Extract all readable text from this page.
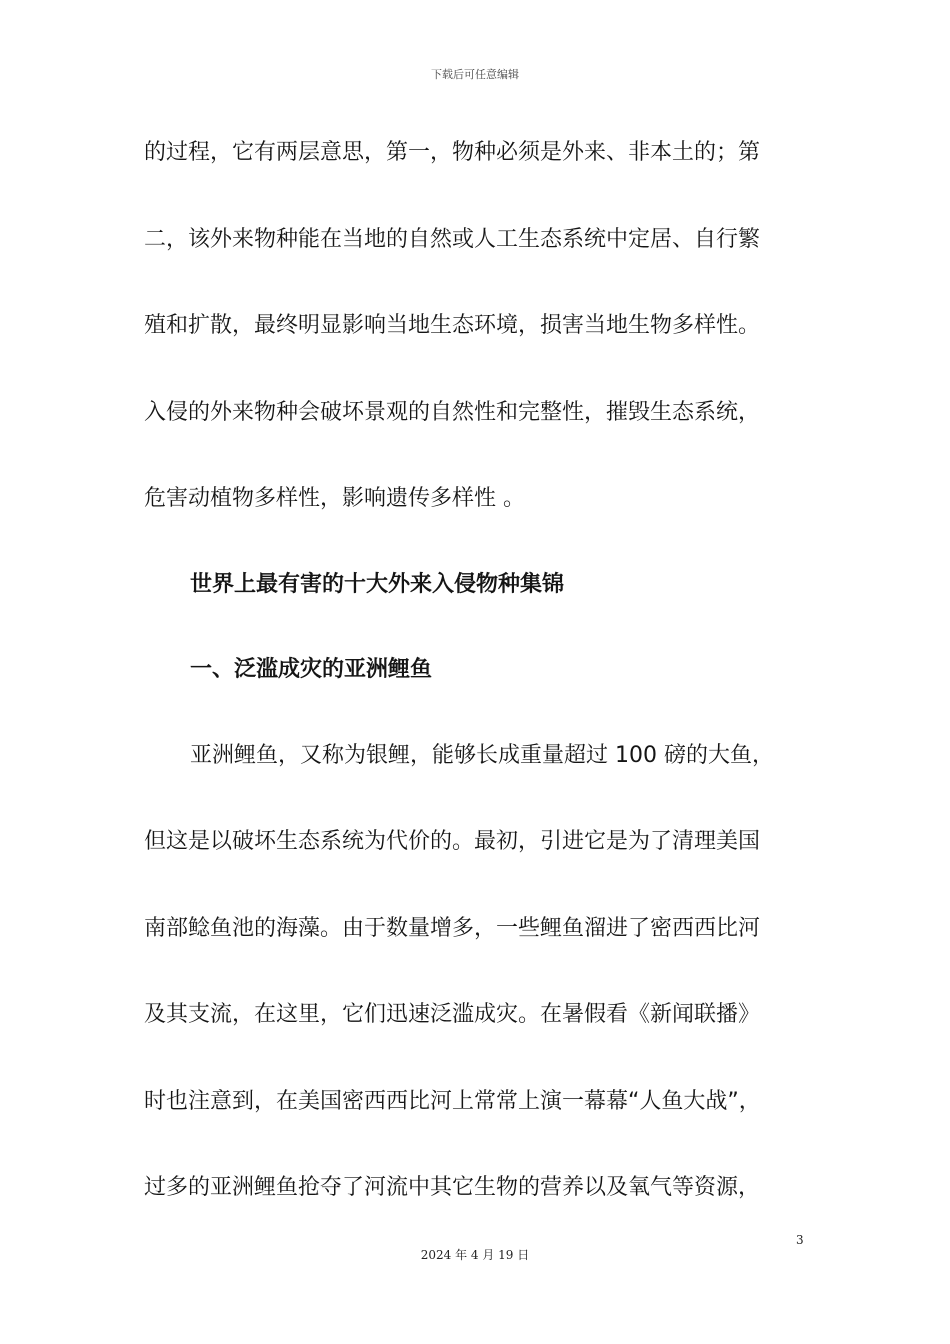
下载后可任意编辑
的过程，它有两层意思，第一，物种必须是外来、非本土的；第
二，该外来物种能在当地的自然或人工生态系统中定居、自行繁
殖和扩散，最终明显影响当地生态环境，损害当地生物多样性。
入侵的外来物种会破坏景观的自然性和完整性，摧毁生态系统，
危害动植物多样性，影响遗传多样性 。
世界上最有害的十大外来入侵物种集锦
一、泛滥成灾的亚洲鲤鱼
亚洲鲤鱼，又称为银鲤，能够长成重量超过 100 磅的大鱼，
但这是以破坏生态系统为代价的。最初，引进它是为了清理美国
南部鲶鱼池的海藻。由于数量增多，一些鲤鱼溜进了密西西比河
及其支流，在这里，它们迅速泛滥成灾。在暑假看《新闻联播》
时也注意到，在美国密西西比河上常常上演一幕幕“人鱼大战”，
过多的亚洲鲤鱼抢夺了河流中其它生物的营养以及氧气等资源，
3
2024 年 4 月 19 日
